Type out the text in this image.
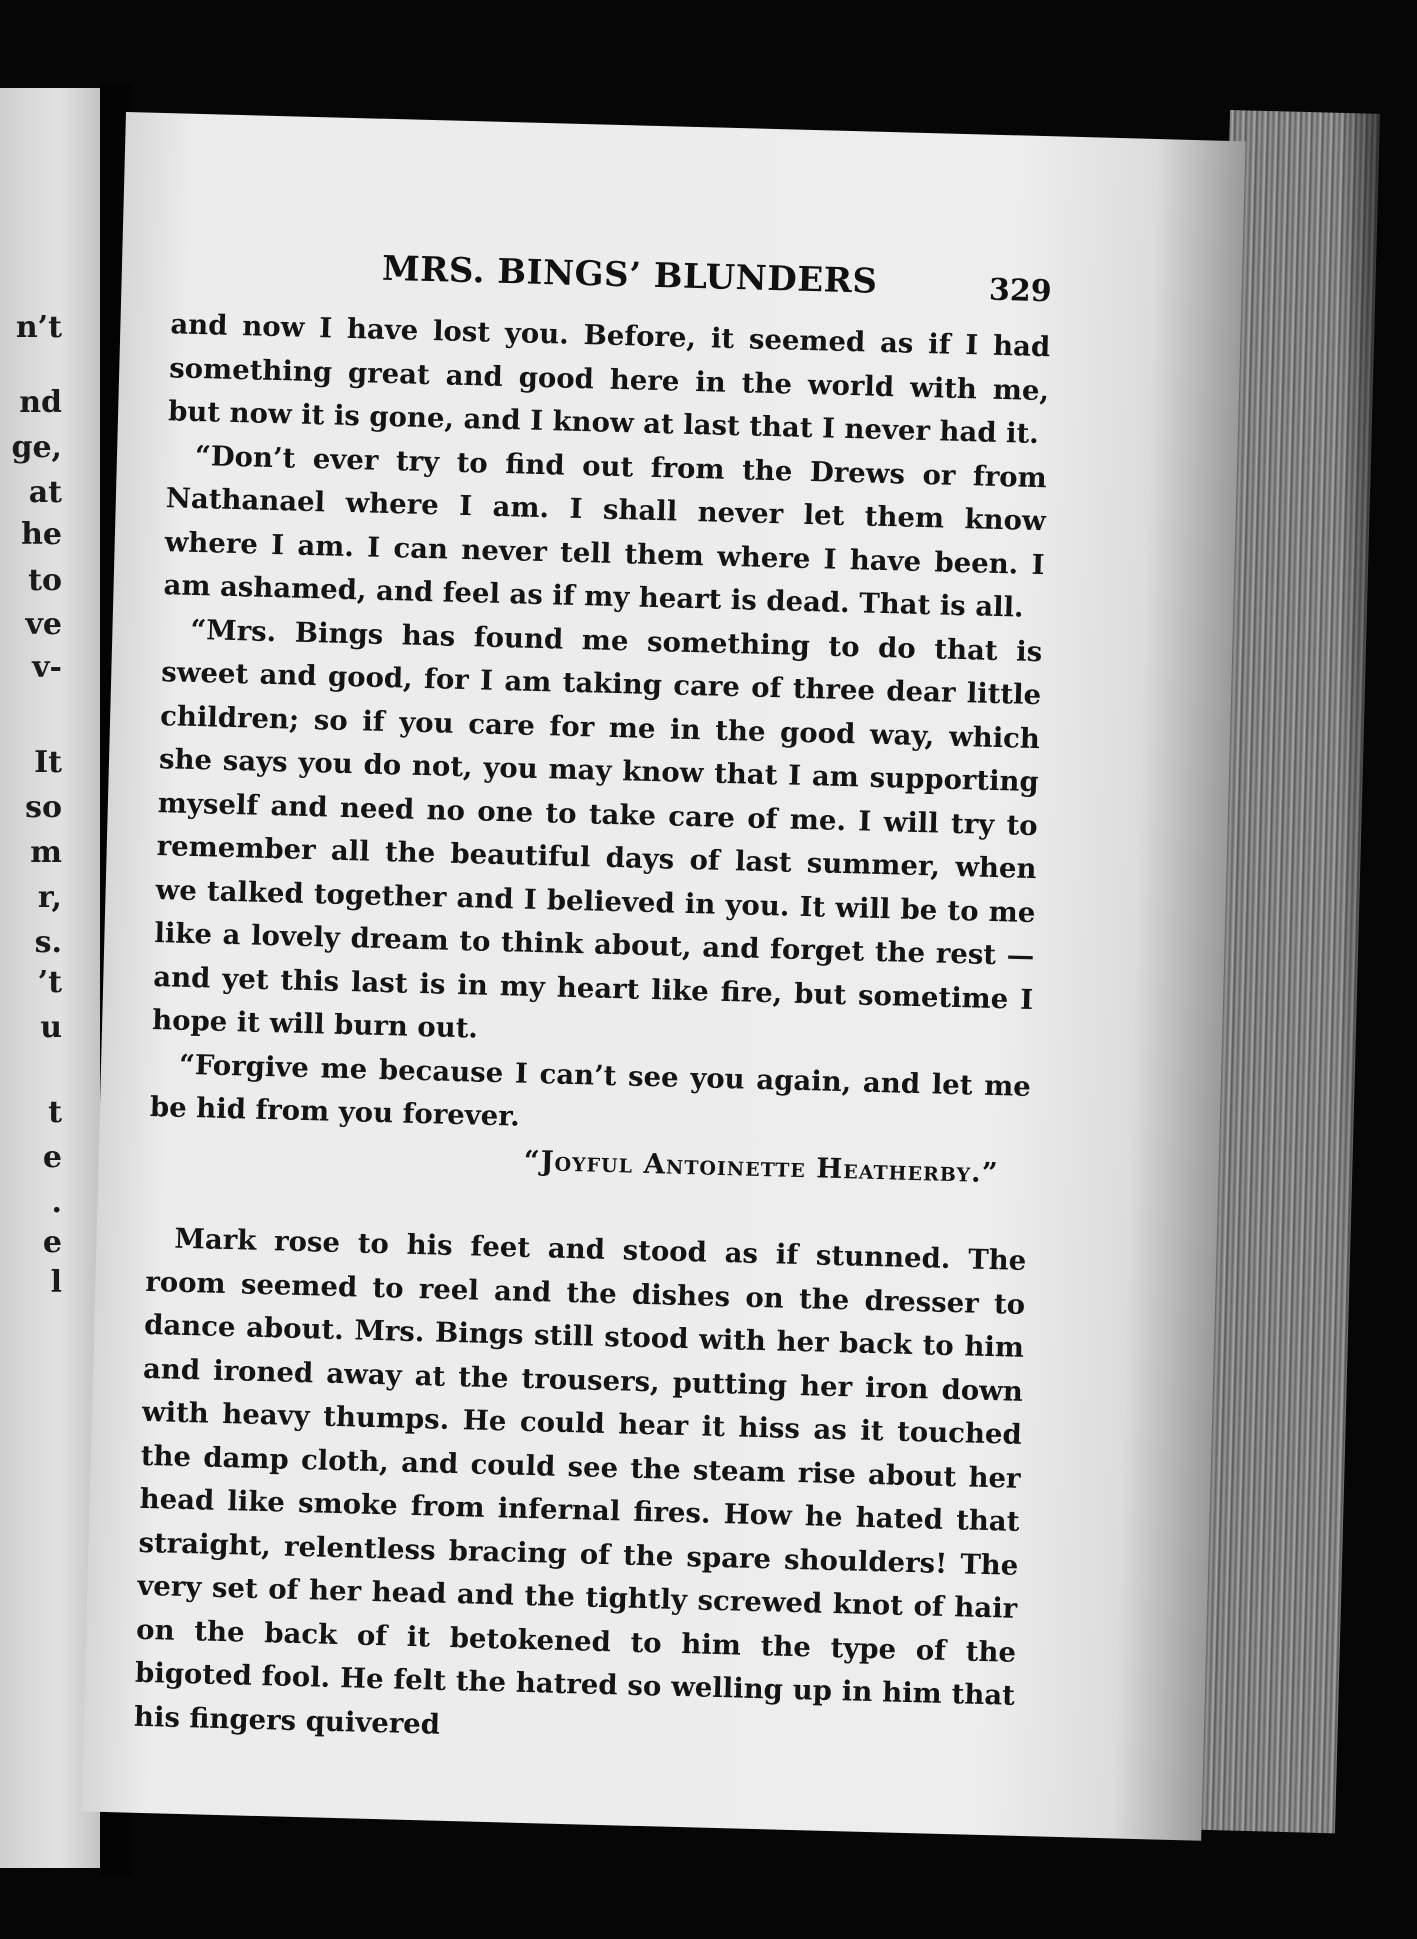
n’t
nd
ge,
at
he
to
ve
v-
It
so
m
r,
s.
’t
u
t
e
.
e
l
MRS. BINGS’ BLUNDERS	329

and now I have lost you. Before, it seemed as if I had something great and good here in the world with me, but now it is gone, and I know at last that I never had it.

“Don’t ever try to find out from the Drews or from Nathanael where I am. I shall never let them know where I am. I can never tell them where I have been. I am ashamed, and feel as if my heart is dead. That is all.

“Mrs. Bings has found me something to do that is sweet and good, for I am taking care of three dear little children; so if you care for me in the good way, which she says you do not, you may know that I am supporting myself and need no one to take care of me. I will try to remember all the beautiful days of last summer, when we talked together and I believed in you. It will be to me like a lovely dream to think about, and forget the rest — and yet this last is in my heart like fire, but sometime I hope it will burn out.

“Forgive me because I can’t see you again, and let me be hid from you forever.

“Joyful Antoinette Heatherby.”

Mark rose to his feet and stood as if stunned. The room seemed to reel and the dishes on the dresser to dance about. Mrs. Bings still stood with her back to him and ironed away at the trousers, putting her iron down with heavy thumps. He could hear it hiss as it touched the damp cloth, and could see the steam rise about her head like smoke from infernal fires. How he hated that straight, relentless bracing of the spare shoulders! The very set of her head and the tightly screwed knot of hair on the back of it betokened to him the type of the bigoted fool. He felt the hatred so welling up in him that his fingers quivered
